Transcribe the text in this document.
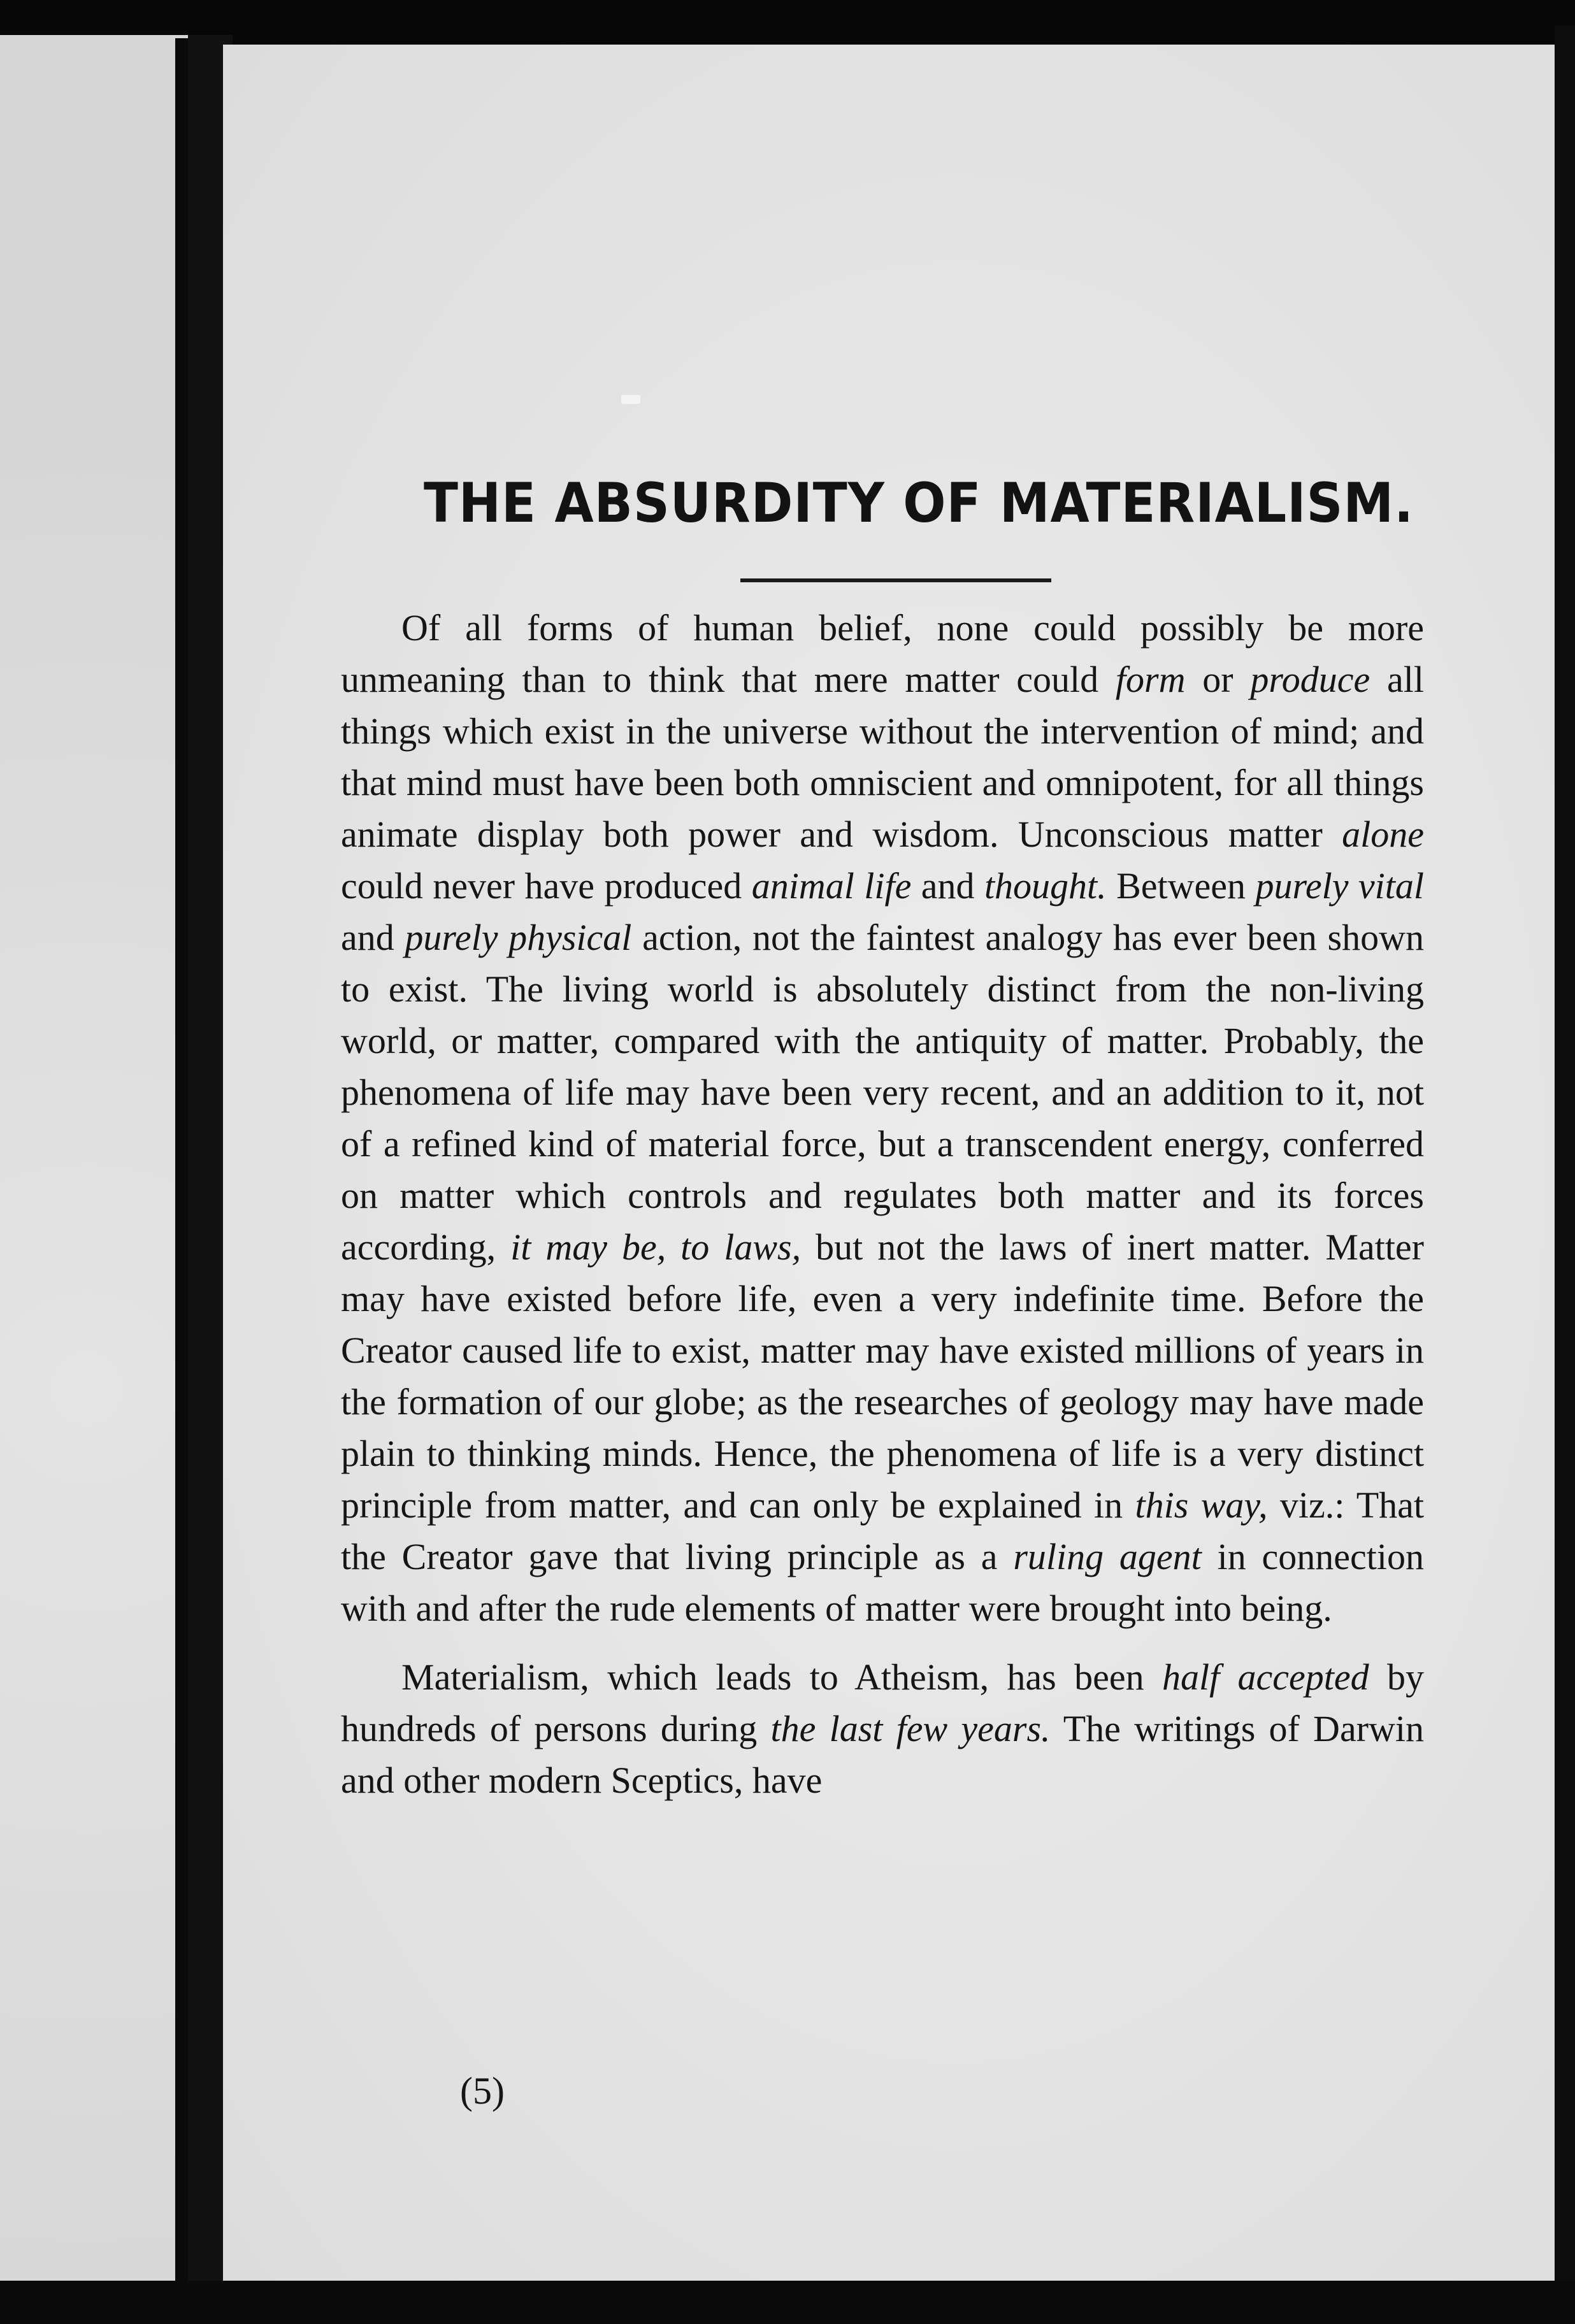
THE ABSURDITY OF MATERIALISM.

Of all forms of human belief, none could possibly be more unmeaning than to think that mere matter could form or produce all things which exist in the universe without the intervention of mind; and that mind must have been both omniscient and omnipotent, for all things animate display both power and wisdom. Unconscious matter alone could never have produced animal life and thought. Between purely vital and purely physical action, not the faintest analogy has ever been shown to exist. The living world is absolutely distinct from the non-living world, or matter, compared with the antiquity of matter. Probably, the phenomena of life may have been very recent, and an addition to it, not of a refined kind of material force, but a transcendent energy, conferred on matter which controls and regulates both matter and its forces according, it may be, to laws, but not the laws of inert matter. Matter may have existed before life, even a very indefinite time. Before the Creator caused life to exist, matter may have existed millions of years in the formation of our globe; as the researches of geology may have made plain to thinking minds. Hence, the phenomena of life is a very distinct principle from matter, and can only be explained in this way, viz.: That the Creator gave that living principle as a ruling agent in connection with and after the rude elements of matter were brought into being.

Materialism, which leads to Atheism, has been half accepted by hundreds of persons during the last few years. The writings of Darwin and other modern Sceptics, have

(5)
